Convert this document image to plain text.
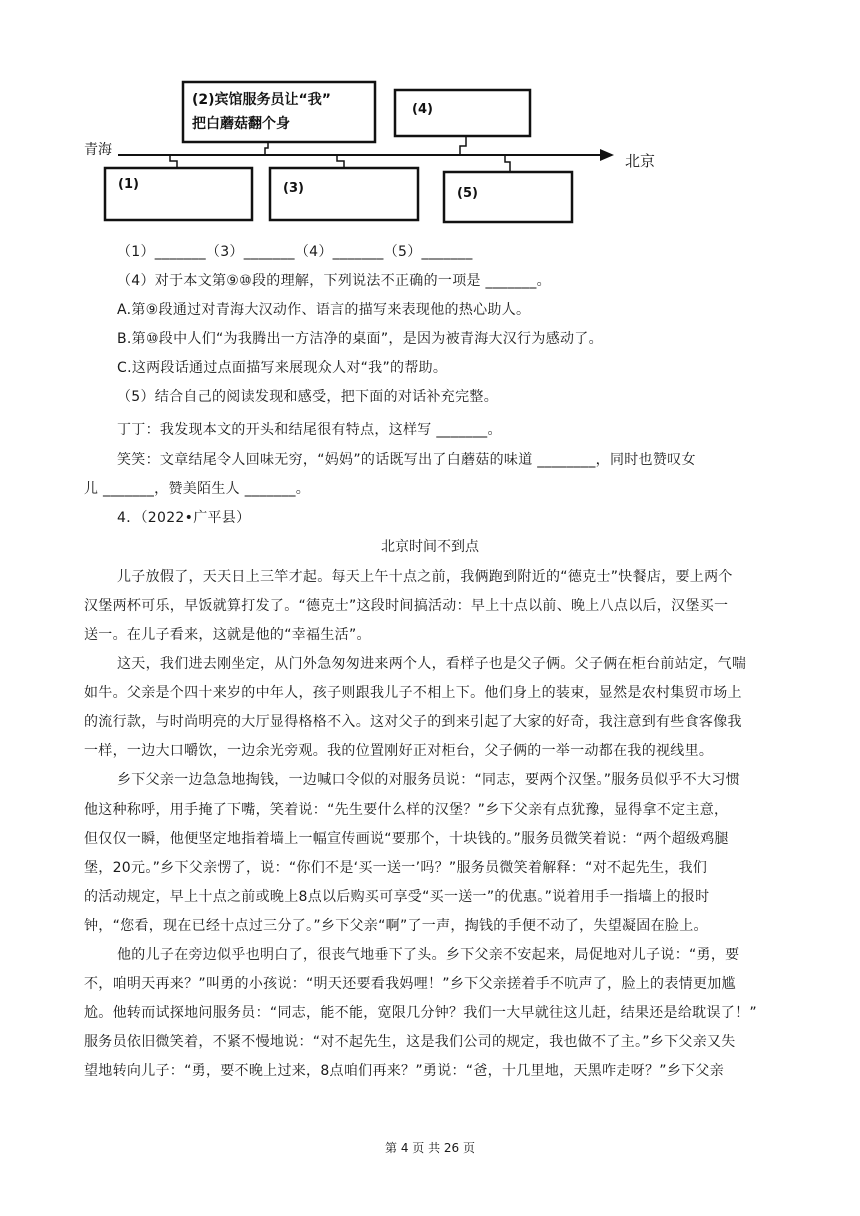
青海
北京
(2)宾馆服务员让“我”
把白蘑菇翻个身
(4)
(1)	(3)	(5)
（1）_______（3）_______（4）_______（5）_______
（4）对于本文第⑨⑩段的理解，下列说法不正确的一项是 _______。
A.第⑨段通过对青海大汉动作、语言的描写来表现他的热心助人。
B.第⑩段中人们“为我腾出一方洁净的桌面”，是因为被青海大汉行为感动了。
C.这两段话通过点面描写来展现众人对“我”的帮助。
（5）结合自己的阅读发现和感受，把下面的对话补充完整。
丁丁：我发现本文的开头和结尾很有特点，这样写 _______。
笑笑：文章结尾令人回味无穷，“妈妈”的话既写出了白蘑菇的味道 ________，同时也赞叹女
儿 _______，赞美陌生人 _______。
4．（2022•广平县）
北京时间不到点
儿子放假了，天天日上三竿才起。每天上午十点之前，我俩跑到附近的“德克士”快餐店，要上两个
汉堡两杯可乐，早饭就算打发了。“德克士”这段时间搞活动：早上十点以前、晚上八点以后，汉堡买一
送一。在儿子看来，这就是他的“幸福生活”。
这天，我们进去刚坐定，从门外急匆匆进来两个人，看样子也是父子俩。父子俩在柜台前站定，气喘
如牛。父亲是个四十来岁的中年人，孩子则跟我儿子不相上下。他们身上的装束，显然是农村集贸市场上
的流行款，与时尚明亮的大厅显得格格不入。这对父子的到来引起了大家的好奇，我注意到有些食客像我
一样，一边大口嚼饮，一边余光旁观。我的位置刚好正对柜台，父子俩的一举一动都在我的视线里。
乡下父亲一边急急地掏钱，一边喊口令似的对服务员说：“同志，要两个汉堡。”服务员似乎不大习惯
他这种称呼，用手掩了下嘴，笑着说：“先生要什么样的汉堡？”乡下父亲有点犹豫，显得拿不定主意，
但仅仅一瞬，他便坚定地指着墙上一幅宣传画说“要那个，十块钱的。”服务员微笑着说：“两个超级鸡腿
堡，20元。”乡下父亲愣了，说：“你们不是‘买一送一’吗？”服务员微笑着解释：“对不起先生，我们
的活动规定，早上十点之前或晚上8点以后购买可享受“买一送一”的优惠。”说着用手一指墙上的报时
钟，“您看，现在已经十点过三分了。”乡下父亲“啊”了一声，掏钱的手便不动了，失望凝固在脸上。
他的儿子在旁边似乎也明白了，很丧气地垂下了头。乡下父亲不安起来，局促地对儿子说：“勇，要
不，咱明天再来？”叫勇的小孩说：“明天还要看我妈哩！”乡下父亲搓着手不吭声了，脸上的表情更加尴
尬。他转而试探地问服务员：“同志，能不能，宽限几分钟？我们一大早就往这儿赶，结果还是给耽误了！”
服务员依旧微笑着，不紧不慢地说：“对不起先生，这是我们公司的规定，我也做不了主。”乡下父亲又失
望地转向儿子：“勇，要不晚上过来，8点咱们再来？”勇说：“爸，十几里地，天黑咋走呀？”乡下父亲
第 4 页 共 26 页
